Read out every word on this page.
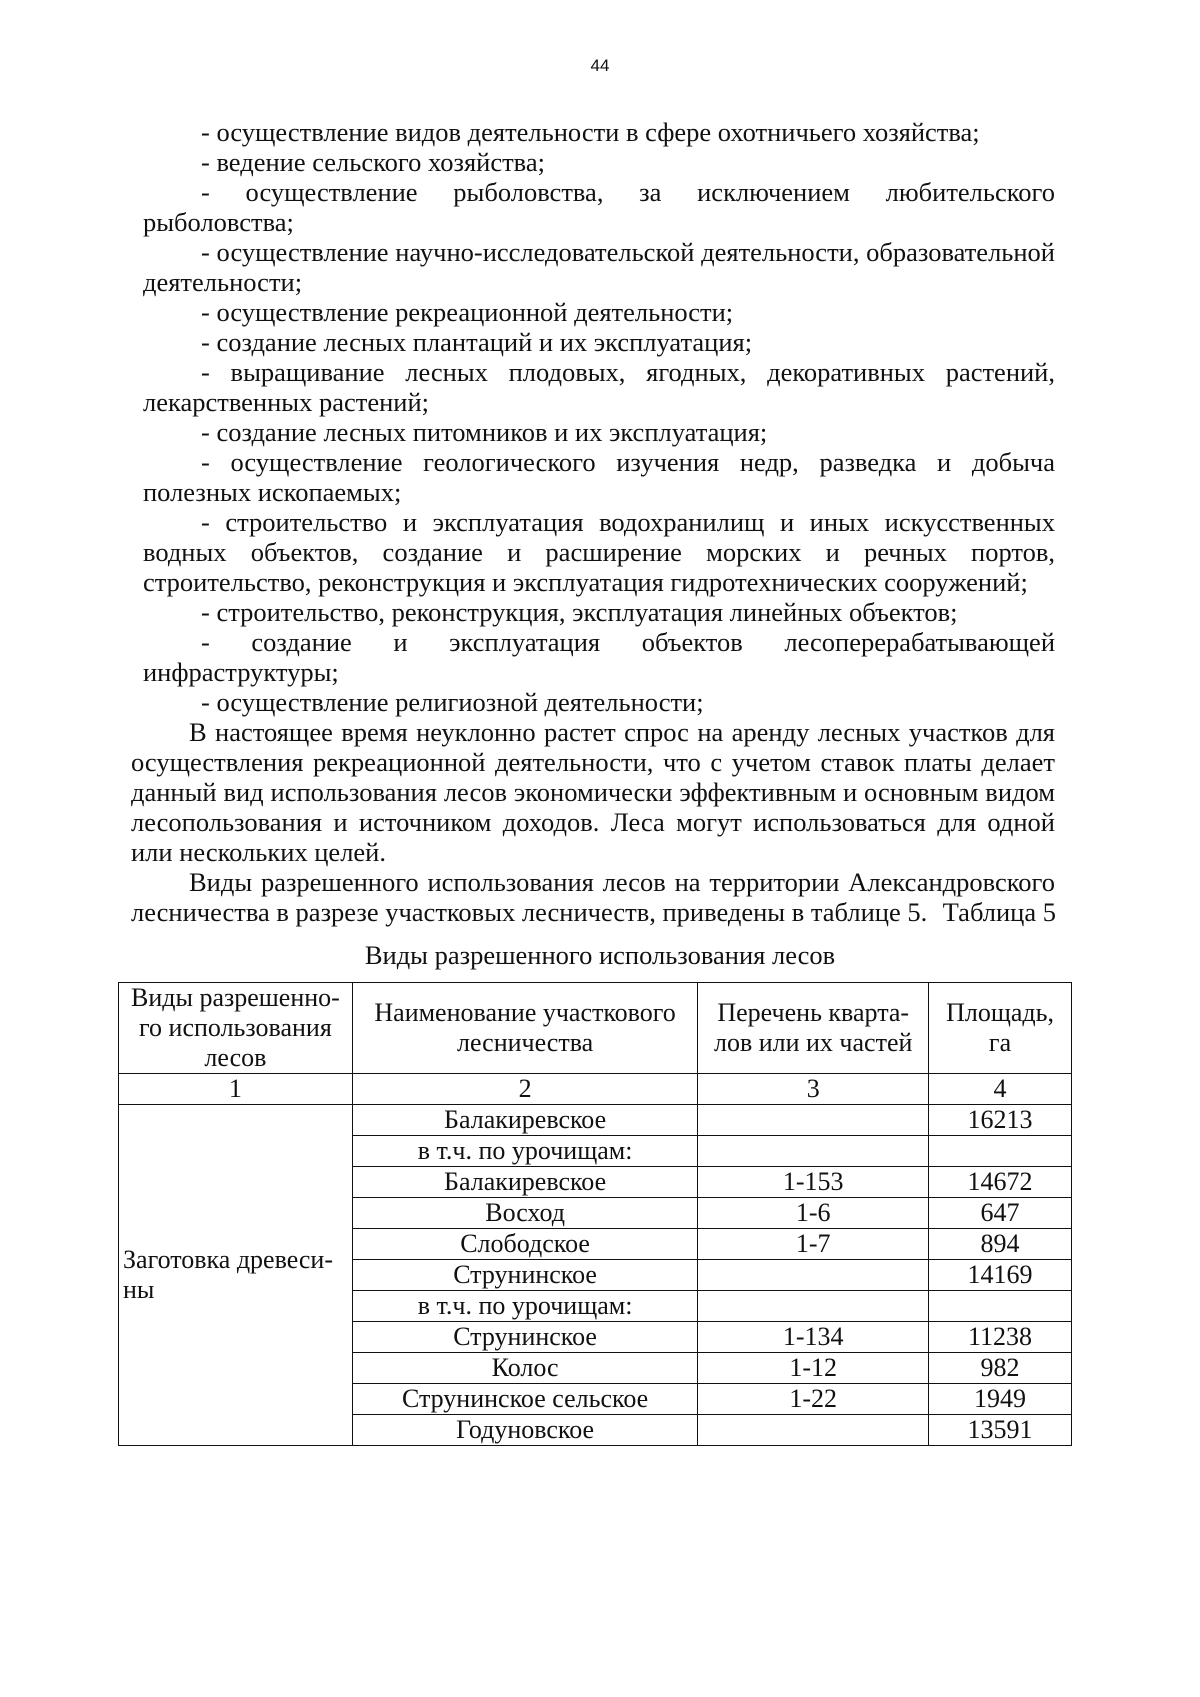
44

- осуществление видов деятельности в сфере охотничьего хозяйства;

- ведение сельского хозяйства;

- осуществление рыболовства, за исключением любительского рыболовства;

- осуществление научно-исследовательской деятельности, образовательной деятельности;

- осуществление рекреационной деятельности;

- создание лесных плантаций и их эксплуатация;

- выращивание лесных плодовых, ягодных, декоративных растений, лекарственных растений;

- создание лесных питомников и их эксплуатация;

- осуществление геологического изучения недр, разведка и добыча полезных ископаемых;

- строительство и эксплуатация водохранилищ и иных искусственных водных объектов, создание и расширение морских и речных портов, строительство, реконструкция и эксплуатация гидротехнических сооружений;

- строительство, реконструкция, эксплуатация линейных объектов;

- создание и эксплуатация объектов лесоперерабатывающей инфраструктуры;

- осуществление религиозной деятельности;

В настоящее время неуклонно растет спрос на аренду лесных участков для осуществления рекреационной деятельности, что с учетом ставок платы делает данный вид использования лесов экономически эффективным и основным видом лесопользования и источником доходов. Леса могут использоваться для одной или нескольких целей.

Виды разрешенного использования лесов на территории Александровского лесничества в разрезе участковых лесничеств, приведены в таблице 5. Таблица 5
Виды разрешенного использования лесов
Виды разрешенно-го использования лесов	Наименование участкового лесничества	Перечень кварта-лов или их частей	Площадь, га
1	2	3	4
Заготовка древеси-ны	Балакиревское		16213
	в т.ч. по урочищам:		
	Балакиревское	1-153	14672
	Восход	1-6	647
	Слободское	1-7	894
	Струнинское		14169
	в т.ч. по урочищам:		
	Струнинское	1-134	11238
	Колос	1-12	982
	Струнинское сельское	1-22	1949
	Годуновское		13591
